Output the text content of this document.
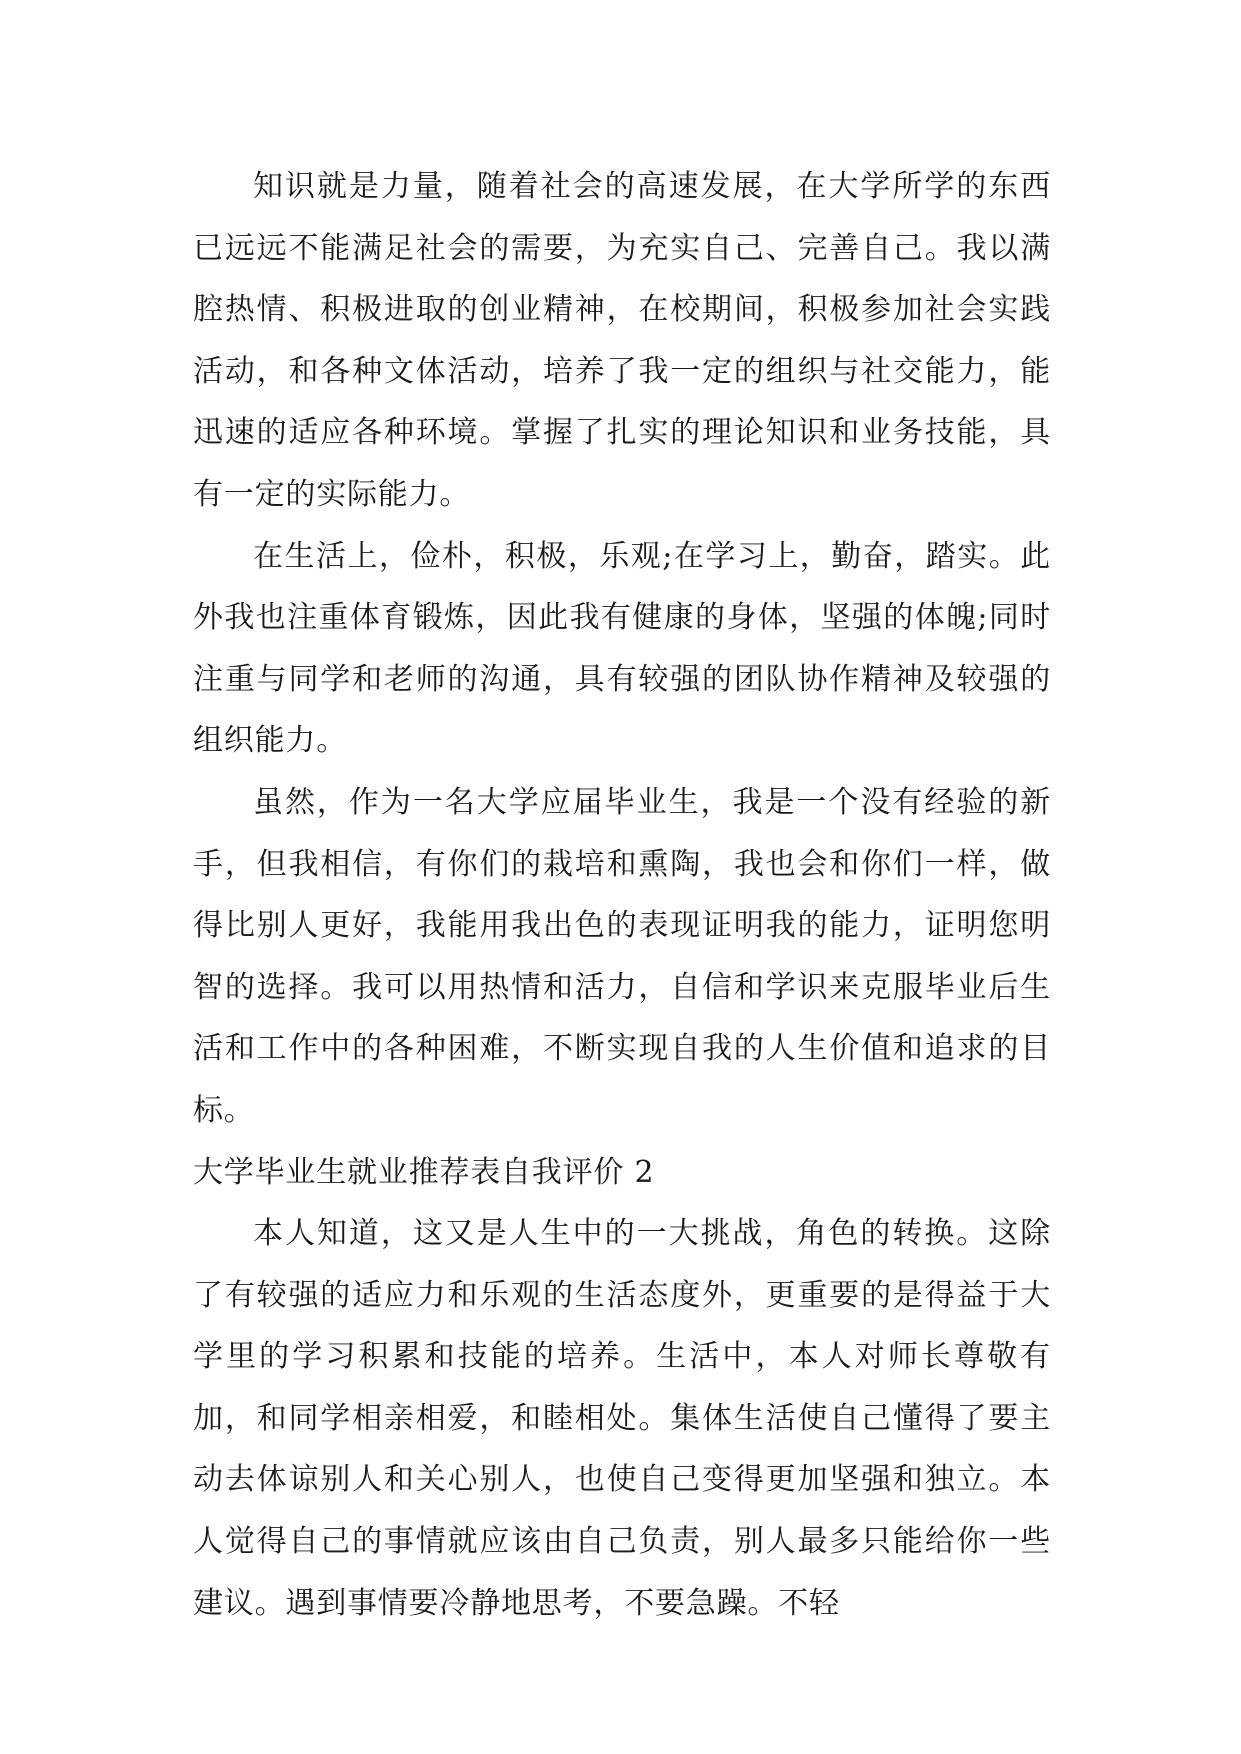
知识就是力量，随着社会的高速发展，在大学所学的东西已远远不能满足社会的需要，为充实自己、完善自己。我以满腔热情、积极进取的创业精神，在校期间，积极参加社会实践活动，和各种文体活动，培养了我一定的组织与社交能力，能迅速的适应各种环境。掌握了扎实的理论知识和业务技能，具有一定的实际能力。

在生活上，俭朴，积极，乐观;在学习上，勤奋，踏实。此外我也注重体育锻炼，因此我有健康的身体，坚强的体魄;同时注重与同学和老师的沟通，具有较强的团队协作精神及较强的组织能力。

虽然，作为一名大学应届毕业生，我是一个没有经验的新手，但我相信，有你们的栽培和熏陶，我也会和你们一样，做得比别人更好，我能用我出色的表现证明我的能力，证明您明智的选择。我可以用热情和活力，自信和学识来克服毕业后生活和工作中的各种困难，不断实现自我的人生价值和追求的目标。

大学毕业生就业推荐表自我评价 2

本人知道，这又是人生中的一大挑战，角色的转换。这除了有较强的适应力和乐观的生活态度外，更重要的是得益于大学里的学习积累和技能的培养。生活中，本人对师长尊敬有加，和同学相亲相爱，和睦相处。集体生活使自己懂得了要主动去体谅别人和关心别人，也使自己变得更加坚强和独立。本人觉得自己的事情就应该由自己负责，别人最多只能给你一些建议。遇到事情要冷静地思考，不要急躁。不轻
